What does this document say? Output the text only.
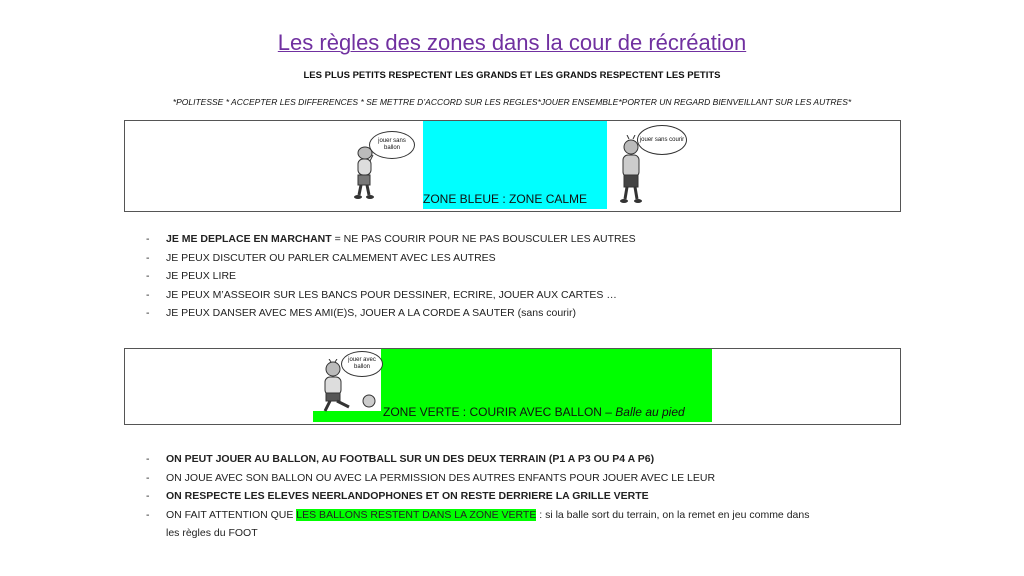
Les règles des zones dans la cour de récréation
LES PLUS PETITS RESPECTENT LES GRANDS ET LES GRANDS RESPECTENT LES PETITS
*POLITESSE * ACCEPTER LES DIFFERENCES * SE METTRE D’ACCORD SUR LES REGLES*JOUER ENSEMBLE*PORTER UN REGARD BIENVEILLANT SUR LES AUTRES*
ZONE BLEUE : ZONE CALME
jouer sans ballon
jouer sans courir
- JE ME DEPLACE EN MARCHANT = NE PAS COURIR POUR NE PAS BOUSCULER LES AUTRES
- JE PEUX DISCUTER OU PARLER CALMEMENT AVEC LES AUTRES
- JE PEUX LIRE
- JE PEUX M’ASSEOIR SUR LES BANCS POUR DESSINER, ECRIRE, JOUER AUX CARTES …
- JE PEUX DANSER AVEC MES AMI(E)S, JOUER A LA CORDE A SAUTER (sans courir)
ZONE VERTE : COURIR AVEC BALLON – Balle au pied
jouer avec ballon
- ON PEUT JOUER AU BALLON, AU FOOTBALL SUR UN DES DEUX TERRAIN (P1 A P3 OU P4 A P6)
- ON JOUE AVEC SON BALLON OU AVEC LA PERMISSION DES AUTRES ENFANTS POUR JOUER AVEC LE LEUR
- ON RESPECTE LES ELEVES NEERLANDOPHONES ET ON RESTE DERRIERE LA GRILLE VERTE
- ON FAIT ATTENTION QUE LES BALLONS RESTENT DANS LA ZONE VERTE : si la balle sort du terrain, on la remet en jeu comme dans
les règles du FOOT
